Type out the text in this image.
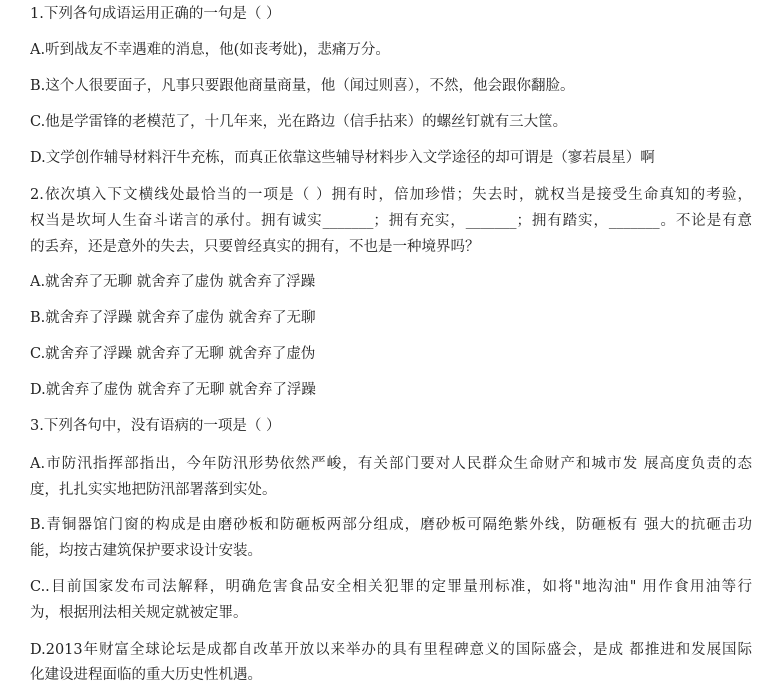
1.下列各句成语运用正确的一句是（ ）
A.听到战友不幸遇难的消息，他(如丧考妣)，悲痛万分。
B.这个人很要面子，凡事只要跟他商量商量，他（闻过则喜），不然，他会跟你翻脸。
C.他是学雷锋的老模范了，十几年来，光在路边（信手拈来）的螺丝钉就有三大筐。
D.文学创作辅导材料汗牛充栋，而真正依靠这些辅导材料步入文学途径的却可谓是（寥若晨星）啊
2.依次填入下文横线处最恰当的一项是（ ）拥有时，倍加珍惜；失去时，就权当是接受生命真知的考验，
权当是坎坷人生奋斗诺言的承付。拥有诚实_______；拥有充实，_______；拥有踏实，_______。不论是有意
的丢弃，还是意外的失去，只要曾经真实的拥有，不也是一种境界吗？
A.就舍弃了无聊 就舍弃了虚伪 就舍弃了浮躁
B.就舍弃了浮躁 就舍弃了虚伪 就舍弃了无聊
C.就舍弃了浮躁 就舍弃了无聊 就舍弃了虚伪
D.就舍弃了虚伪 就舍弃了无聊 就舍弃了浮躁
3.下列各句中，没有语病的一项是（ ）
A.市防汛指挥部指出，今年防汛形势依然严峻，有关部门要对人民群众生命财产和城市发 展高度负责的态
度，扎扎实实地把防汛部署落到实处。
B.青铜器馆门窗的构成是由磨砂板和防砸板两部分组成，磨砂板可隔绝紫外线，防砸板有 强大的抗砸击功
能，均按古建筑保护要求设计安装。
C..目前国家发布司法解释，明确危害食品安全相关犯罪的定罪量刑标准，如将"地沟油" 用作食用油等行
为，根据刑法相关规定就被定罪。
D.2013年财富全球论坛是成都自改革开放以来举办的具有里程碑意义的国际盛会，是成 都推进和发展国际
化建设进程面临的重大历史性机遇。
